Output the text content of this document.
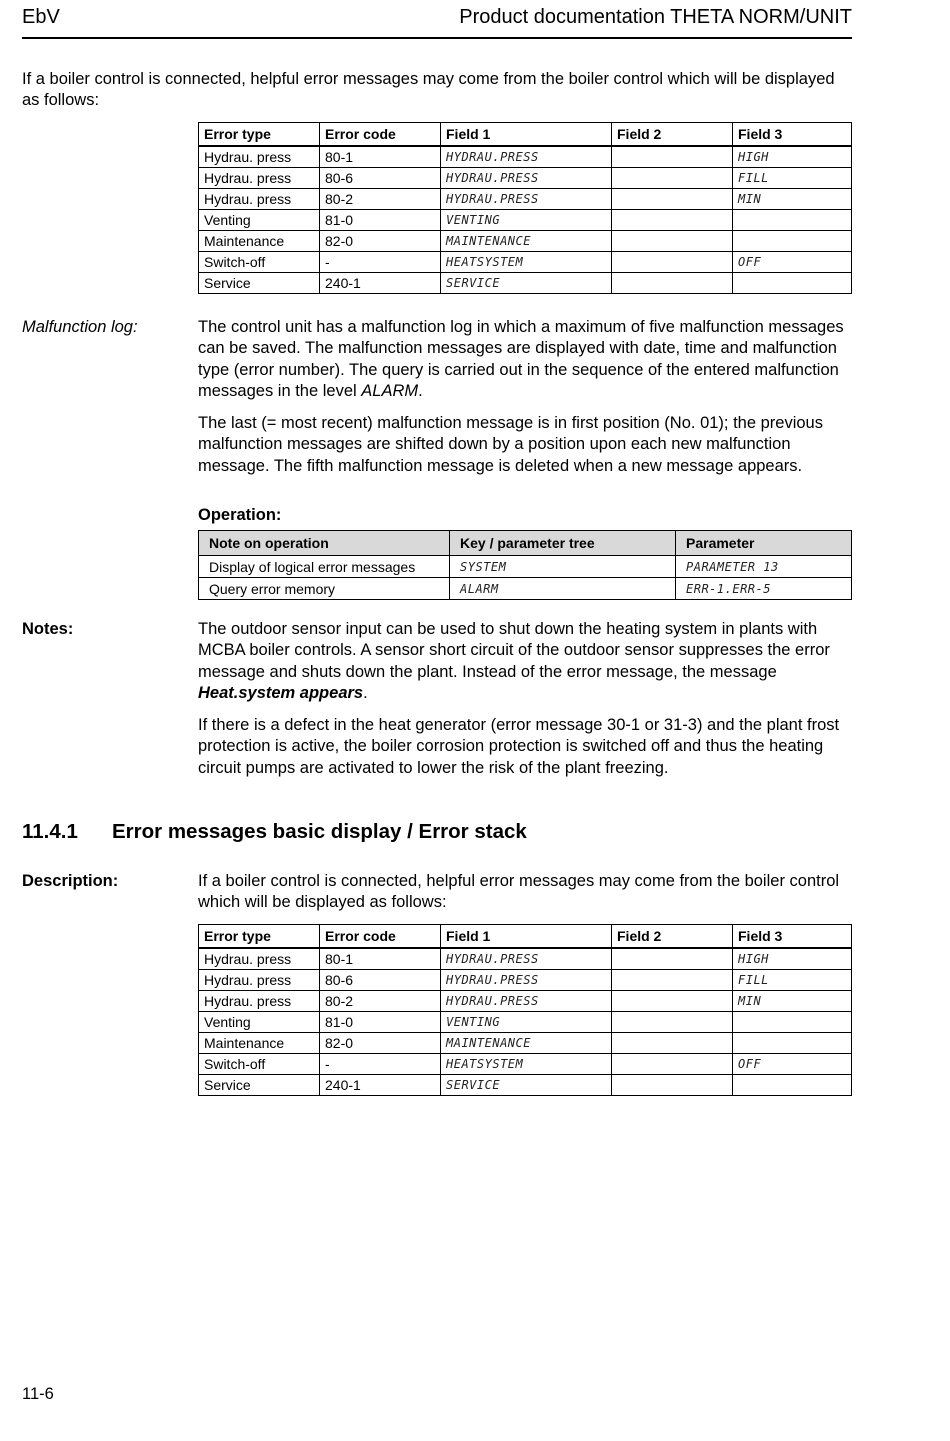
EbV	Product documentation THETA NORM/UNIT
If a boiler control is connected, helpful error messages may come from the boiler control which will be displayed as follows:
Error type	Error code	Field 1	Field 2	Field 3
Hydrau. press	80-1	HYDRAU.PRESS		HIGH
Hydrau. press	80-6	HYDRAU.PRESS		FILL
Hydrau. press	80-2	HYDRAU.PRESS		MIN
Venting	81-0	VENTING		
Maintenance	82-0	MAINTENANCE		
Switch-off	-	HEATSYSTEM		OFF
Service	240-1	SERVICE		
Malfunction log:	The control unit has a malfunction log in which a maximum of five malfunction messages can be saved. The malfunction messages are displayed with date, time and malfunction type (error number). The query is carried out in the sequence of the entered malfunction messages in the level ALARM.

The last (= most recent) malfunction message is in first position (No. 01); the previous malfunction messages are shifted down by a position upon each new malfunction message. The fifth malfunction message is deleted when a new message appears.

Operation:
Note on operation	Key / parameter tree	Parameter
Display of logical error messages	SYSTEM	PARAMETER 13
Query error memory	ALARM	ERR-1.ERR-5
Notes:	The outdoor sensor input can be used to shut down the heating system in plants with MCBA boiler controls. A sensor short circuit of the outdoor sensor suppresses the error message and shuts down the plant. Instead of the error message, the message Heat.system appears.

If there is a defect in the heat generator (error message 30-1 or 31-3) and the plant frost protection is active, the boiler corrosion protection is switched off and thus the heating circuit pumps are activated to lower the risk of the plant freezing.

11.4.1 Error messages basic display / Error stack
Description:	If a boiler control is connected, helpful error messages may come from the boiler control which will be displayed as follows:
Error type	Error code	Field 1	Field 2	Field 3
Hydrau. press	80-1	HYDRAU.PRESS		HIGH
Hydrau. press	80-6	HYDRAU.PRESS		FILL
Hydrau. press	80-2	HYDRAU.PRESS		MIN
Venting	81-0	VENTING		
Maintenance	82-0	MAINTENANCE		
Switch-off	-	HEATSYSTEM		OFF
Service	240-1	SERVICE		
11-6
